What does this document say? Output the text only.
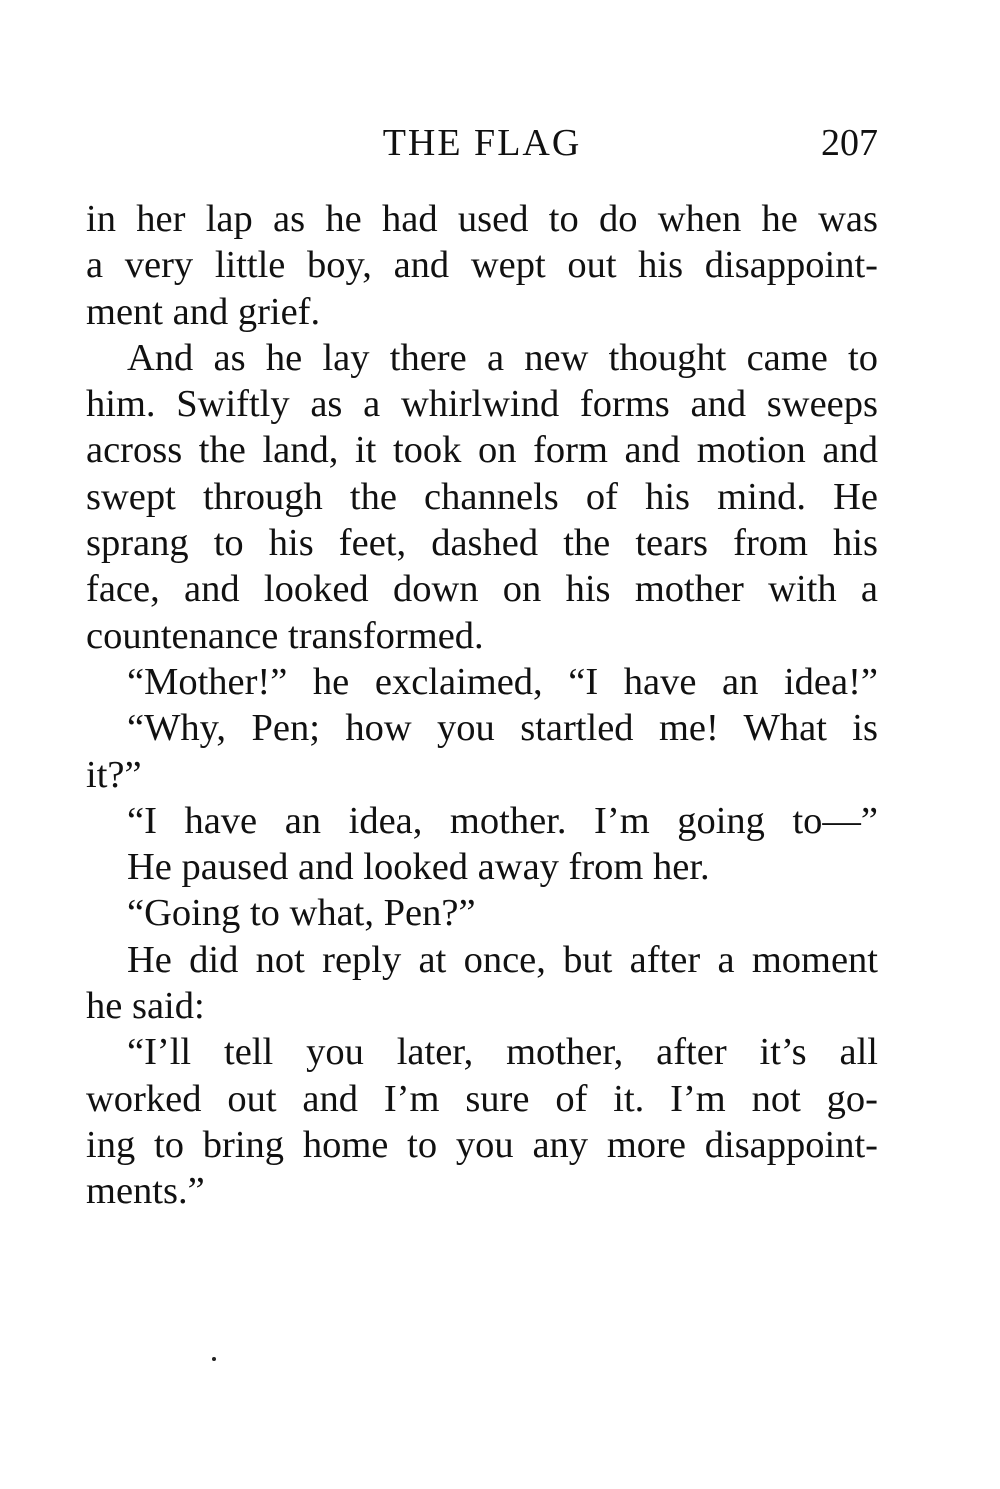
THE FLAG	207
in her lap as he had used to do when he was
a very little boy, and wept out his disappoint-
ment and grief.
And as he lay there a new thought came to
him. Swiftly as a whirlwind forms and sweeps
across the land, it took on form and motion and
swept through the channels of his mind. He
sprang to his feet, dashed the tears from his
face, and looked down on his mother with a
countenance transformed.
“Mother!” he exclaimed, “I have an idea!”
“Why, Pen; how you startled me! What is
it?”
“I have an idea, mother. I’m going to—”
He paused and looked away from her.
“Going to what, Pen?”
He did not reply at once, but after a moment
he said:
“I’ll tell you later, mother, after it’s all
worked out and I’m sure of it. I’m not go-
ing to bring home to you any more disappoint-
ments.”
